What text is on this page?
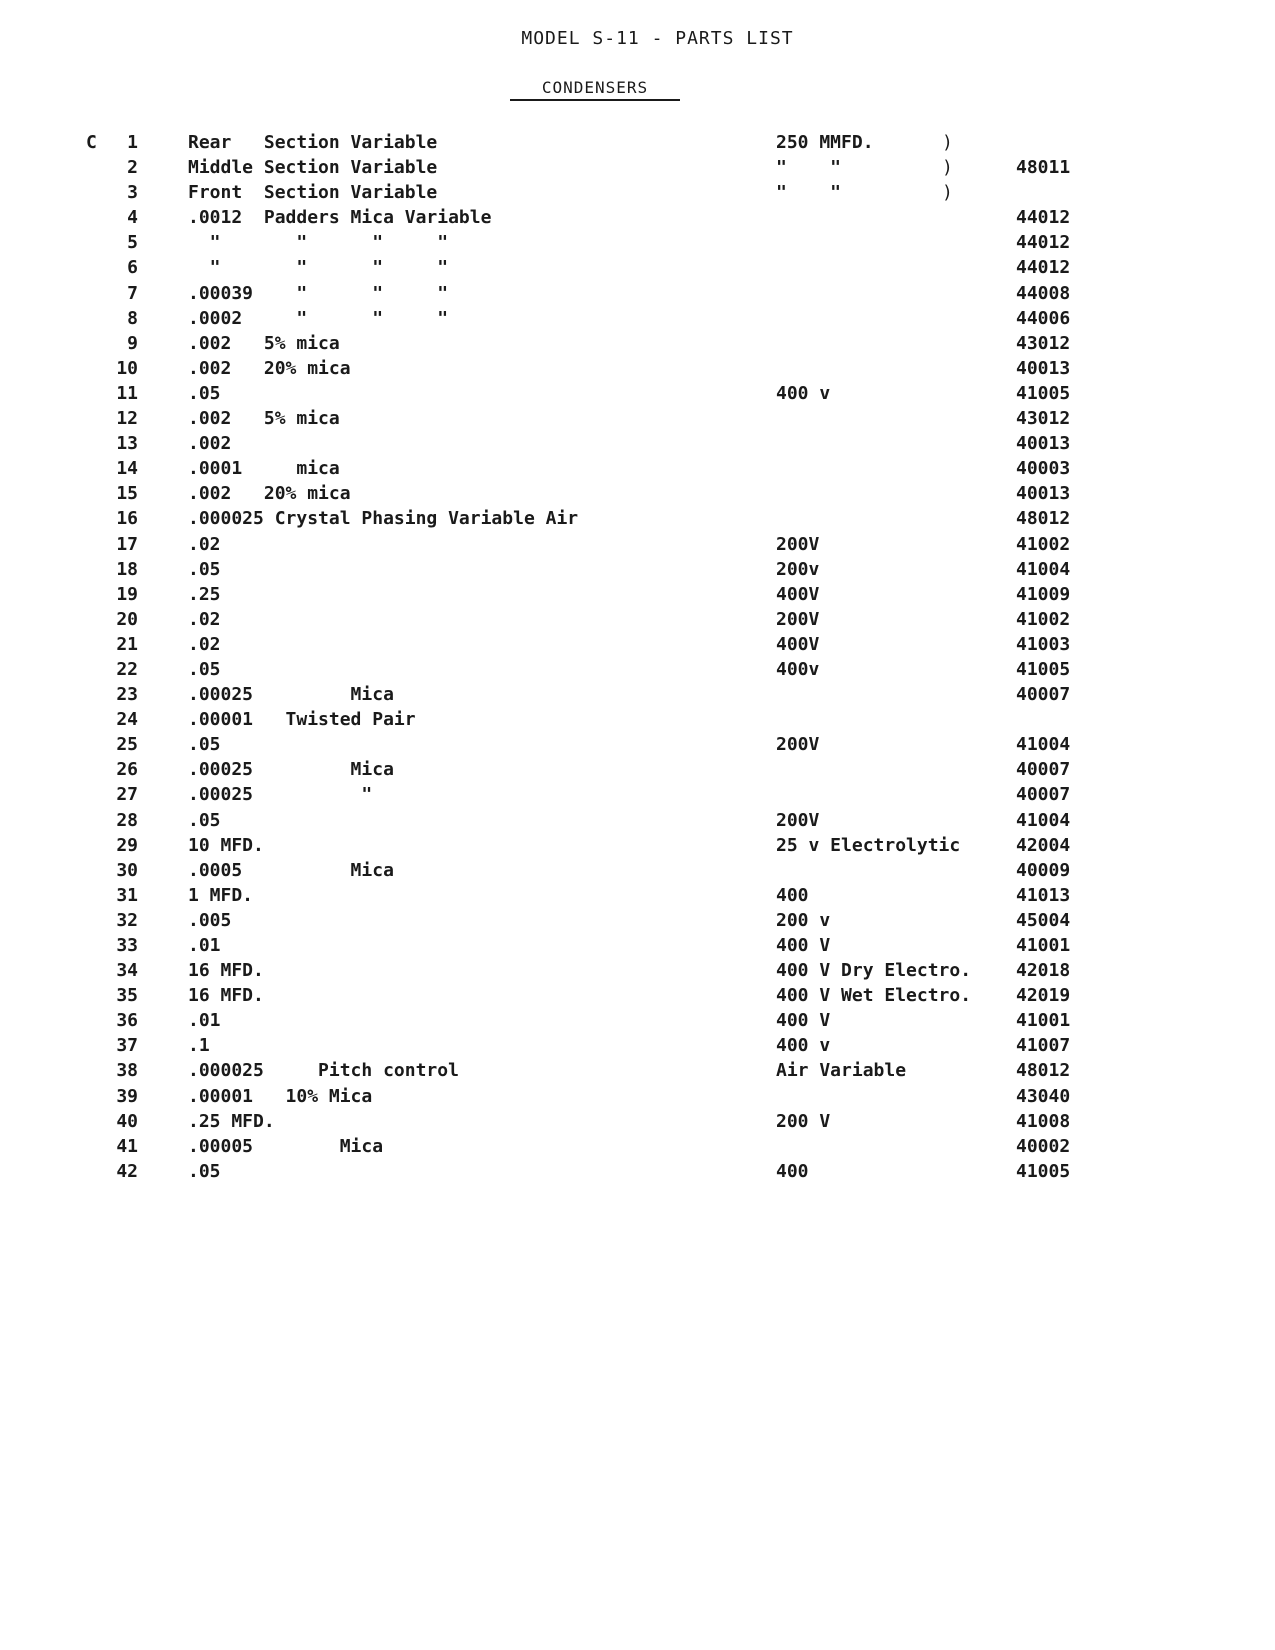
MODEL S-11 - PARTS LIST
CONDENSERS
C	1	Rear   Section Variable	250 MMFD.	)
2	Middle Section Variable	"    "	)	48011
3	Front  Section Variable	"    "	)
4	.0012  Padders Mica Variable	44012
5	"       "      "     "	44012
6	"       "      "     "	44012
7	.00039    "      "     "	44008
8	.0002     "      "     "	44006
9	.002   5% mica	43012
10	.002   20% mica	40013
11	.05	400 v	41005
12	.002   5% mica	43012
13	.002	40013
14	.0001     mica	40003
15	.002   20% mica	40013
16	.000025 Crystal Phasing Variable Air	48012
17	.02	200V	41002
18	.05	200v	41004
19	.25	400V	41009
20	.02	200V	41002
21	.02	400V	41003
22	.05	400v	41005
23	.00025         Mica	40007
24	.00001   Twisted Pair
25	.05	200V	41004
26	.00025         Mica	40007
27	.00025          "	40007
28	.05	200V	41004
29	10 MFD.	25 v Electrolytic	42004
30	.0005          Mica	40009
31	1 MFD.	400	41013
32	.005	200 v	45004
33	.01	400 V	41001
34	16 MFD.	400 V Dry Electro. 42018
35	16 MFD.	400 V Wet Electro. 42019
36	.01	400 V	41001
37	.1	400 v	41007
38	.000025     Pitch control	Air Variable	48012
39	.00001   10% Mica	43040
40	.25 MFD.	200 V	41008
41	.00005        Mica	40002
42	.05	400	41005
